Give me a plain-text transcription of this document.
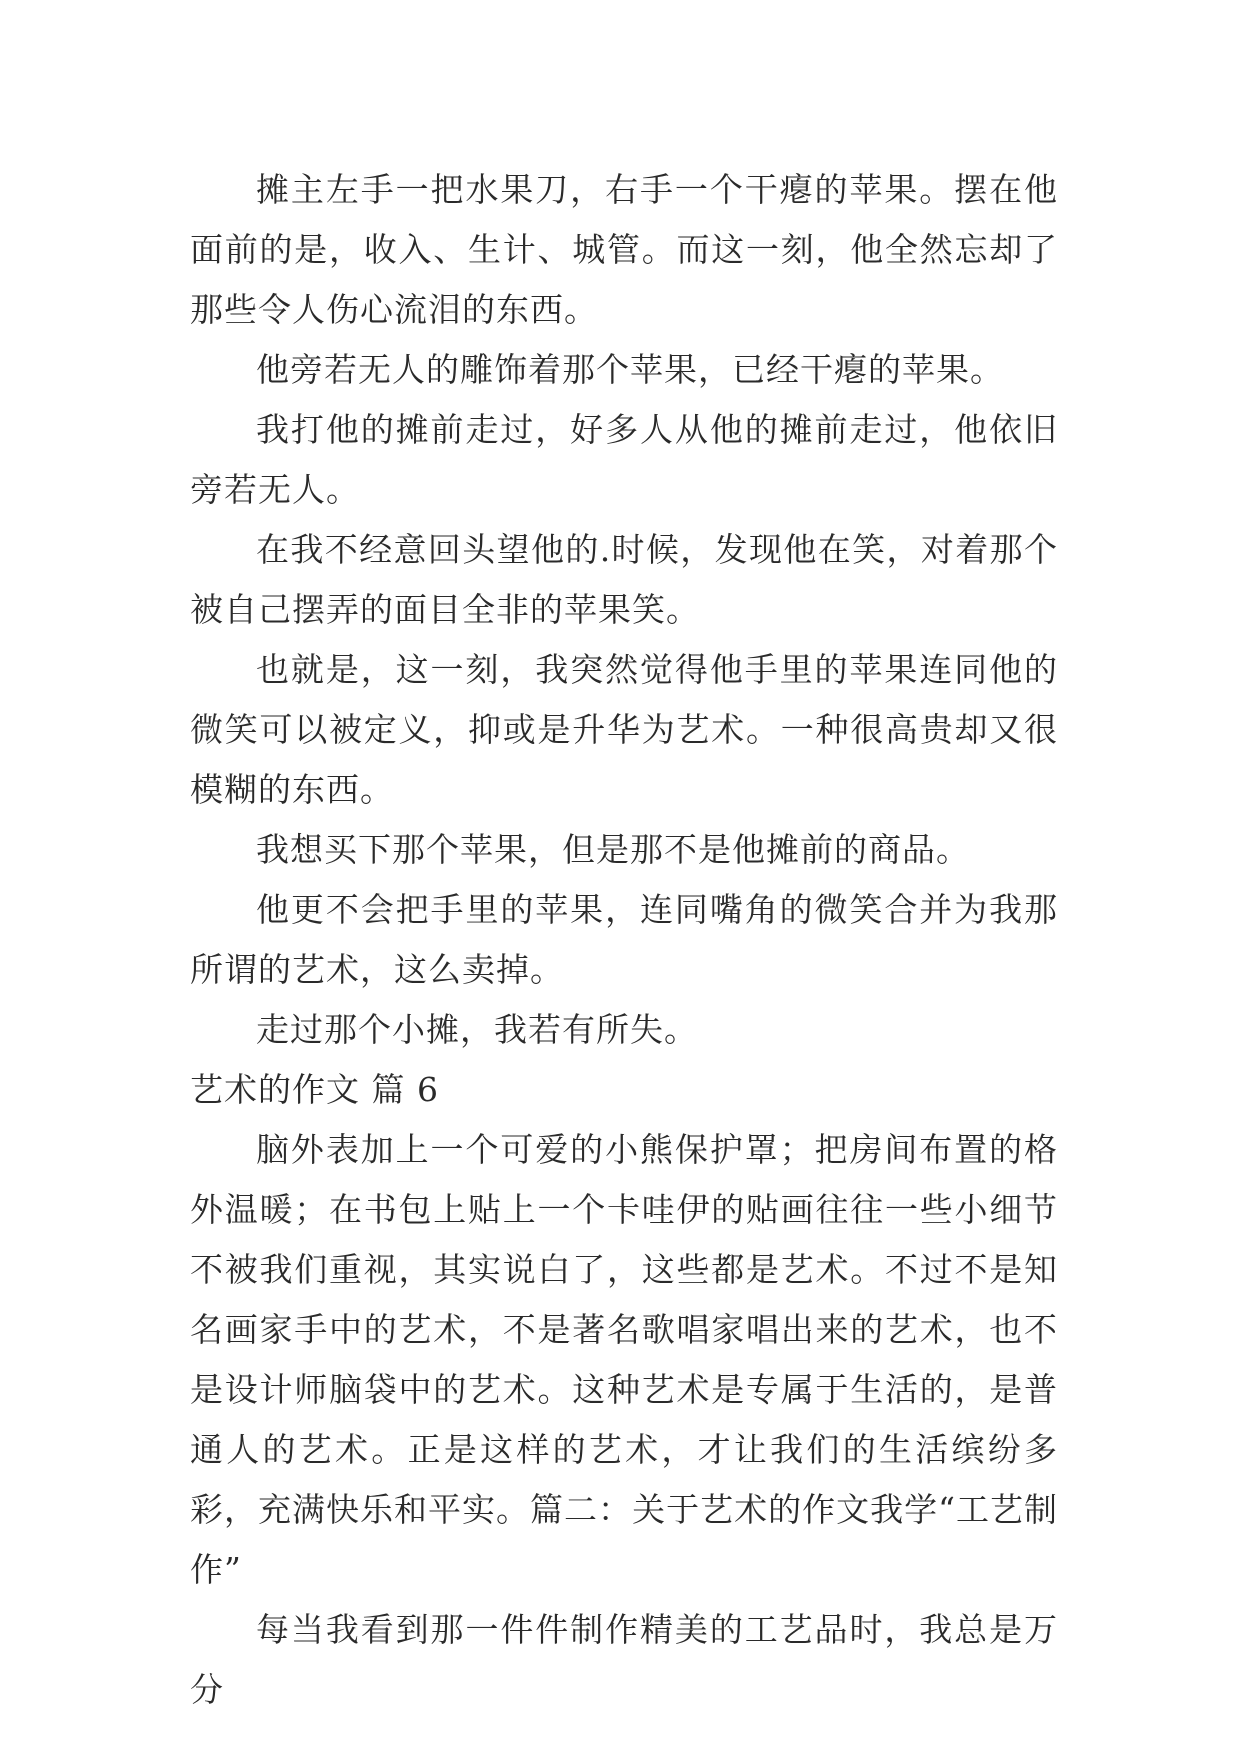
摊主左手一把水果刀，右手一个干瘪的苹果。摆在他面前的是，收入、生计、城管。而这一刻，他全然忘却了那些令人伤心流泪的东西。

他旁若无人的雕饰着那个苹果，已经干瘪的苹果。

我打他的摊前走过，好多人从他的摊前走过，他依旧旁若无人。

在我不经意回头望他的.时候，发现他在笑，对着那个被自己摆弄的面目全非的苹果笑。

也就是，这一刻，我突然觉得他手里的苹果连同他的微笑可以被定义，抑或是升华为艺术。一种很高贵却又很模糊的东西。

我想买下那个苹果，但是那不是他摊前的商品。

他更不会把手里的苹果，连同嘴角的微笑合并为我那所谓的艺术，这么卖掉。

走过那个小摊，我若有所失。

艺术的作文 篇 6

脑外表加上一个可爱的小熊保护罩；把房间布置的格外温暖；在书包上贴上一个卡哇伊的贴画往往一些小细节不被我们重视，其实说白了，这些都是艺术。不过不是知名画家手中的艺术，不是著名歌唱家唱出来的艺术，也不是设计师脑袋中的艺术。这种艺术是专属于生活的，是普通人的艺术。正是这样的艺术，才让我们的生活缤纷多彩，充满快乐和平实。篇二：关于艺术的作文我学“工艺制作”

每当我看到那一件件制作精美的工艺品时，我总是万分
